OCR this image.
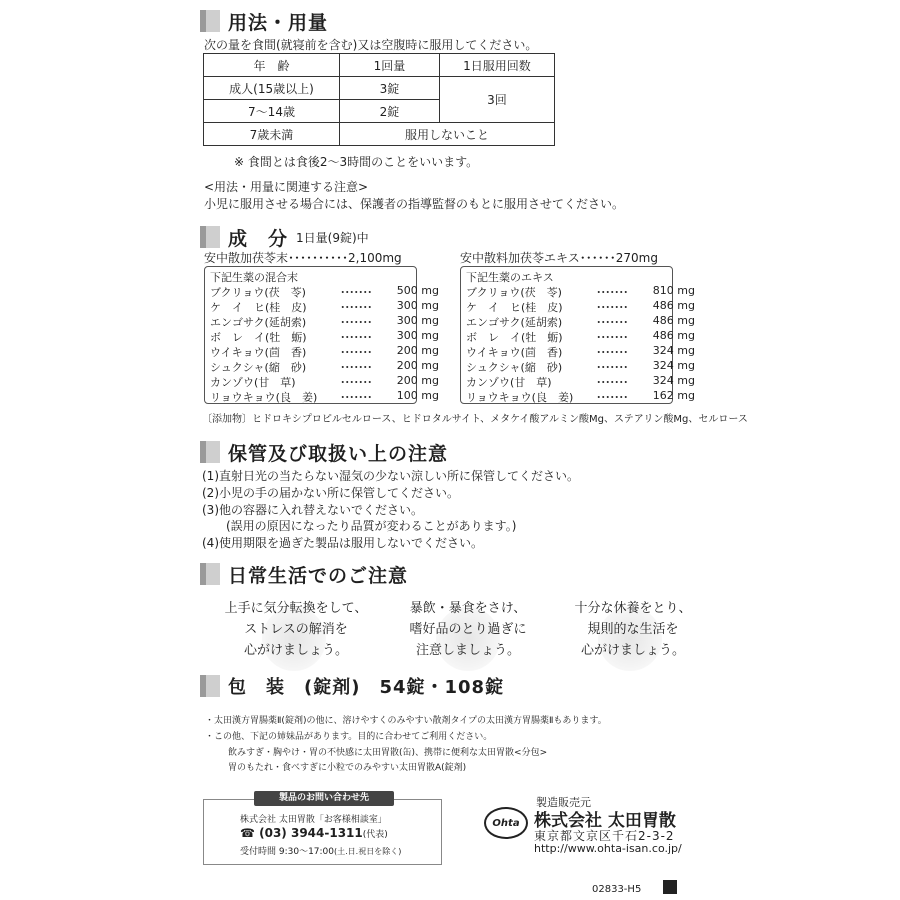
用法・用量
次の量を食間(就寝前を含む)又は空腹時に服用してください。
年　齢	1回量	1日服用回数
成人(15歳以上)	3錠	3回
7〜14歳	2錠	
7歳未満	服用しないこと	
※ 食間とは食後2〜3時間のことをいいます。
<用法・用量に関連する注意>
小児に服用させる場合には、保護者の指導監督のもとに服用させてください。
成　分 1日量(9錠)中
安中散加茯苓末･･････････2,100mg	安中散料加茯苓エキス･･････270mg
下記生薬の混合末	下記生薬のエキス
ブクリョウ(茯　苓)	･･･････	500 mg
ケ　イ　ヒ(桂　皮)	･･･････	300 mg
エンゴサク(延胡索)	･･･････	300 mg
ボ　レ　イ(牡　蛎)	･･･････	300 mg
ウイキョウ(茴　香)	･･･････	200 mg
シュクシャ(縮　砂)	･･･････	200 mg
カンゾウ(甘　草)	･･･････	200 mg
リョウキョウ(良　姜)	･･･････	100 mg
ブクリョウ(茯　苓)	･･･････	810 mg
ケ　イ　ヒ(桂　皮)	･･･････	486 mg
エンゴサク(延胡索)	･･･････	486 mg
ボ　レ　イ(牡　蛎)	･･･････	486 mg
ウイキョウ(茴　香)	･･･････	324 mg
シュクシャ(縮　砂)	･･･････	324 mg
カンゾウ(甘　草)	･･･････	324 mg
リョウキョウ(良　姜)	･･･････	162 mg
〔添加物〕ヒドロキシプロピルセルロース、ヒドロタルサイト、メタケイ酸アルミン酸Mg、ステアリン酸Mg、セルロース
保管及び取扱い上の注意
(1)直射日光の当たらない湿気の少ない涼しい所に保管してください。
(2)小児の手の届かない所に保管してください。
(3)他の容器に入れ替えないでください。
　　(誤用の原因になったり品質が変わることがあります。)
(4)使用期限を過ぎた製品は服用しないでください。
日常生活でのご注意
上手に気分転換をして、
ストレスの解消を
心がけましょう。
暴飲・暴食をさけ、
嗜好品のとり過ぎに
注意しましょう。
十分な休養をとり、
規則的な生活を
心がけましょう。
包　装　(錠剤)　54錠・108錠
・太田漢方胃腸薬Ⅱ(錠剤)の他に、溶けやすくのみやすい散剤タイプの太田漢方胃腸薬Ⅱもあります。
・この他、下記の姉妹品があります。目的に合わせてご利用ください。
飲みすぎ・胸やけ・胃の不快感に太田胃散(缶)、携帯に便利な太田胃散<分包>
胃のもたれ・食べすぎに小粒でのみやすい太田胃散A(錠剤)
製品のお問い合わせ先
株式会社 太田胃散「お客様相談室」
☎ (03) 3944-1311(代表)
受付時間 9:30〜17:00(土.日.祝日を除く)
製造販売元
Ohta 株式会社 太田胃散
東京都文京区千石2-3-2
http://www.ohta-isan.co.jp/
02833-H5
